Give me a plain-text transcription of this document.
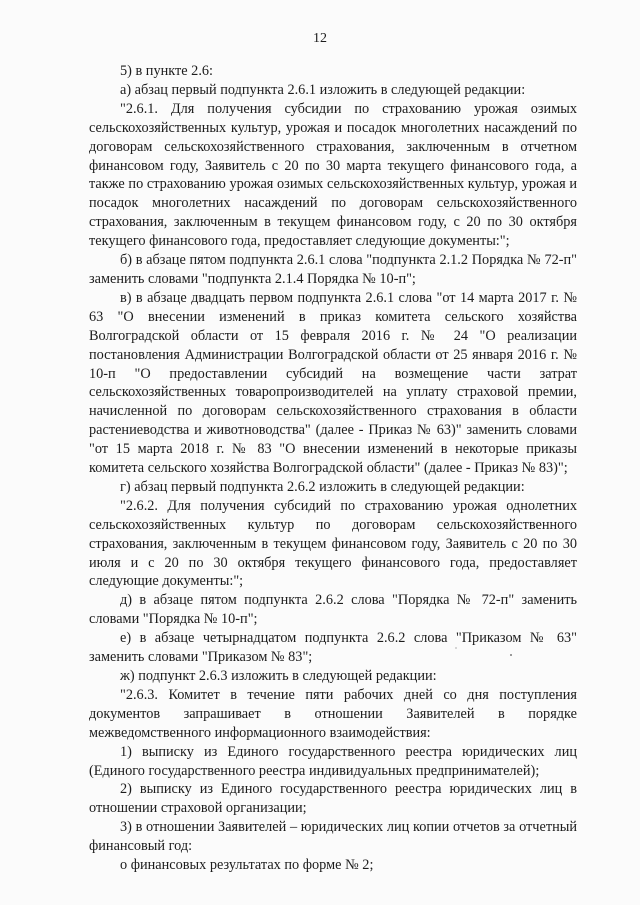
12

5) в пункте 2.6:

а) абзац первый подпункта 2.6.1 изложить в следующей редакции:

"2.6.1. Для получения субсидии по страхованию урожая озимых сельскохозяйственных культур, урожая и посадок многолетних насаждений по договорам сельскохозяйственного страхования, заключенным в отчетном финансовом году, Заявитель с 20 по 30 марта текущего финансового года, а также по страхованию урожая озимых сельскохозяйственных культур, урожая и посадок многолетних насаждений по договорам сельскохозяйственного страхования, заключенным в текущем финансовом году, с 20 по 30 октября текущего финансового года, предоставляет следующие документы:";

б) в абзаце пятом подпункта 2.6.1 слова "подпункта 2.1.2 Порядка № 72-п" заменить словами "подпункта 2.1.4 Порядка № 10-п";

в) в абзаце двадцать первом подпункта 2.6.1 слова "от 14 марта 2017 г. № 63 "О внесении изменений в приказ комитета сельского хозяйства Волгоградской области от 15 февраля 2016 г. № 24 "О реализации постановления Администрации Волгоградской области от 25 января 2016 г. № 10-п "О предоставлении субсидий на возмещение части затрат сельскохозяйственных товаропроизводителей на уплату страховой премии, начисленной по договорам сельскохозяйственного страхования в области растениеводства и животноводства" (далее - Приказ № 63)" заменить словами "от 15 марта 2018 г. № 83 "О внесении изменений в некоторые приказы комитета сельского хозяйства Волгоградской области" (далее - Приказ № 83)";

г) абзац первый подпункта 2.6.2 изложить в следующей редакции:

"2.6.2. Для получения субсидий по страхованию урожая однолетних сельскохозяйственных культур по договорам сельскохозяйственного страхования, заключенным в текущем финансовом году, Заявитель с 20 по 30 июля и с 20 по 30 октября текущего финансового года, предоставляет следующие документы:";

д) в абзаце пятом подпункта 2.6.2 слова "Порядка № 72-п" заменить словами "Порядка № 10-п";

е) в абзаце четырнадцатом подпункта 2.6.2 слова "Приказом № 63" заменить словами "Приказом № 83";

ж) подпункт 2.6.3 изложить в следующей редакции:

"2.6.3. Комитет в течение пяти рабочих дней со дня поступления документов запрашивает в отношении Заявителей в порядке межведомственного информационного взаимодействия:

1) выписку из Единого государственного реестра юридических лиц (Единого государственного реестра индивидуальных предпринимателей);

2) выписку из Единого государственного реестра юридических лиц в отношении страховой организации;

3) в отношении Заявителей – юридических лиц копии отчетов за отчетный финансовый год:

о финансовых результатах по форме № 2;
